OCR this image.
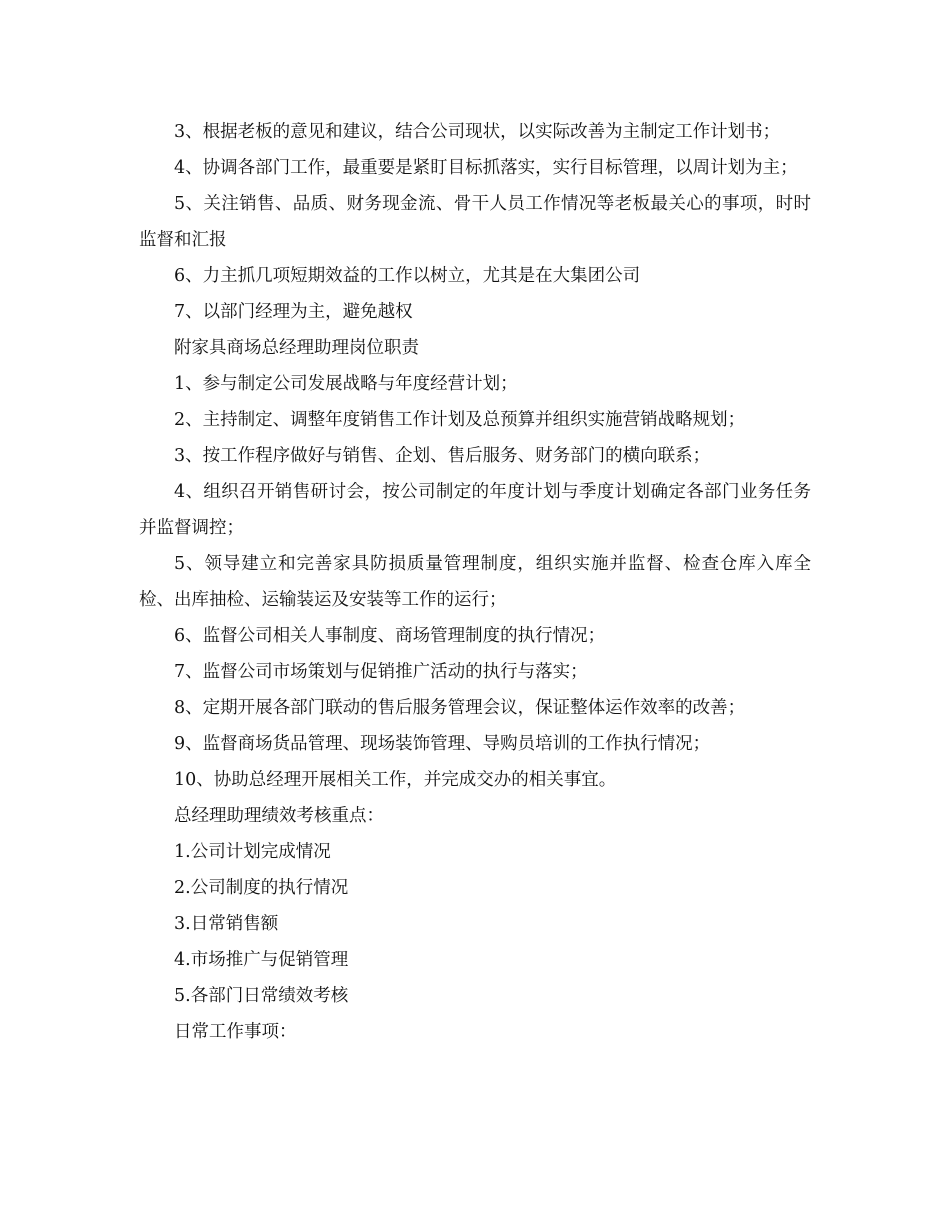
3、根据老板的意见和建议，结合公司现状，以实际改善为主制定工作计划书；

4、协调各部门工作，最重要是紧盯目标抓落实，实行目标管理，以周计划为主；

5、关注销售、品质、财务现金流、骨干人员工作情况等老板最关心的事项，时时监督和汇报

6、力主抓几项短期效益的工作以树立，尤其是在大集团公司

7、以部门经理为主，避免越权

附家具商场总经理助理岗位职责

1、参与制定公司发展战略与年度经营计划；

2、主持制定、调整年度销售工作计划及总预算并组织实施营销战略规划；

3、按工作程序做好与销售、企划、售后服务、财务部门的横向联系；

4、组织召开销售研讨会，按公司制定的年度计划与季度计划确定各部门业务任务并监督调控；

5、领导建立和完善家具防损质量管理制度，组织实施并监督、检查仓库入库全检、出库抽检、运输装运及安装等工作的运行；

6、监督公司相关人事制度、商场管理制度的执行情况；

7、监督公司市场策划与促销推广活动的执行与落实；

8、定期开展各部门联动的售后服务管理会议，保证整体运作效率的改善；

9、监督商场货品管理、现场装饰管理、导购员培训的工作执行情况；

10、协助总经理开展相关工作，并完成交办的相关事宜。

总经理助理绩效考核重点：

1.公司计划完成情况

2.公司制度的执行情况

3.日常销售额

4.市场推广与促销管理

5.各部门日常绩效考核

日常工作事项：
